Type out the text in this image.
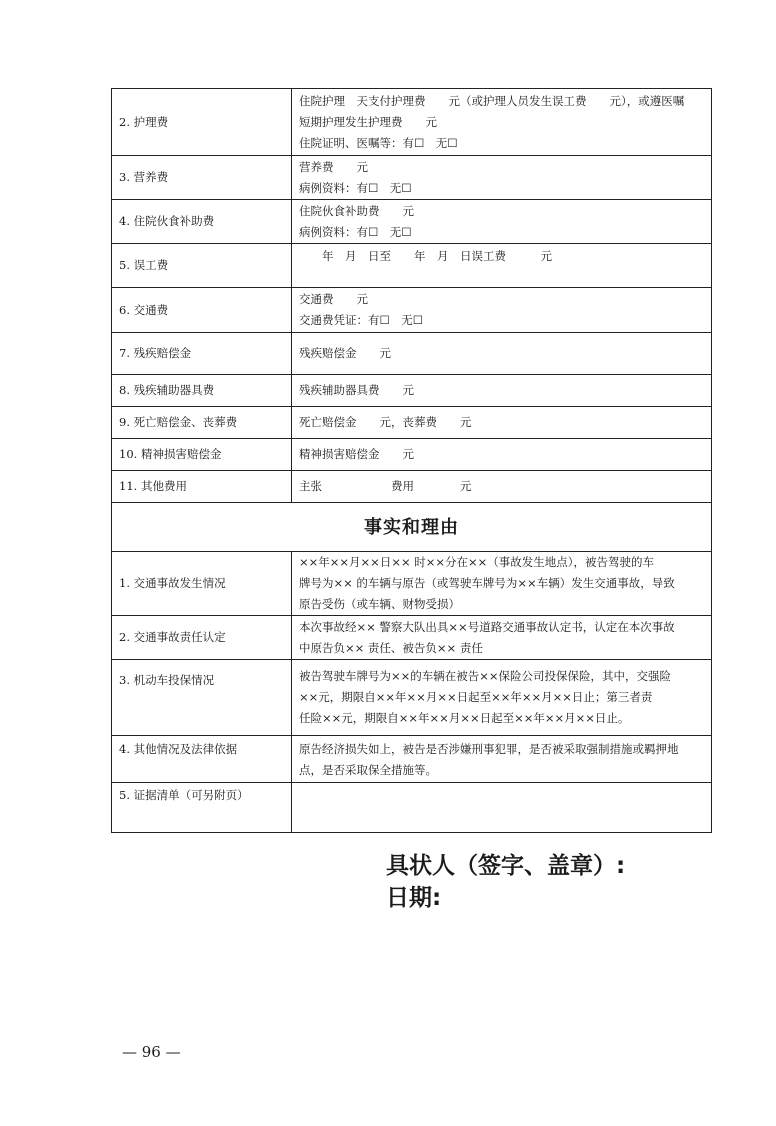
2. 护理费	住院护理　天支付护理费　　元（或护理人员发生误工费　　元），或遵医嘱
短期护理发生护理费　　元
住院证明、医嘱等：有☐　无☐

3. 营养费	营养费　　元
病例资料：有☐　无☐

4. 住院伙食补助费	住院伙食补助费　　元
病例资料：有☐　无☐

5. 误工费	　　年　月　日至　　年　月　日误工费　　　元

6. 交通费	交通费　　元
交通费凭证：有☐　无☐

7. 残疾赔偿金	残疾赔偿金　　元

8. 残疾辅助器具费	残疾辅助器具费　　元

9. 死亡赔偿金、丧葬费	死亡赔偿金　　元，丧葬费　　元

10. 精神损害赔偿金	精神损害赔偿金　　元

11. 其他费用	主张　　　　　　费用　　　　元

事实和理由	
1. 交通事故发生情况	××年××月××日×× 时××分在××（事故发生地点），被告驾驶的车
牌号为×× 的车辆与原告（或驾驶车牌号为××车辆）发生交通事故，导致
原告受伤（或车辆、财物受损）

2. 交通事故责任认定	本次事故经×× 警察大队出具××号道路交通事故认定书，认定在本次事故
中原告负×× 责任、被告负×× 责任

3. 机动车投保情况	被告驾驶车牌号为××的车辆在被告××保险公司投保保险，其中，交强险
××元，期限自××年××月××日起至××年××月××日止；第三者责
任险××元，期限自××年××月××日起至××年××月××日止。

4. 其他情况及法律依据	原告经济损失如上，被告是否涉嫌刑事犯罪，是否被采取强制措施或羁押地
点，是否采取保全措施等。

5. 证据清单（可另附页）	
具状人（签字、盖章）:
日期:
— 96 —
